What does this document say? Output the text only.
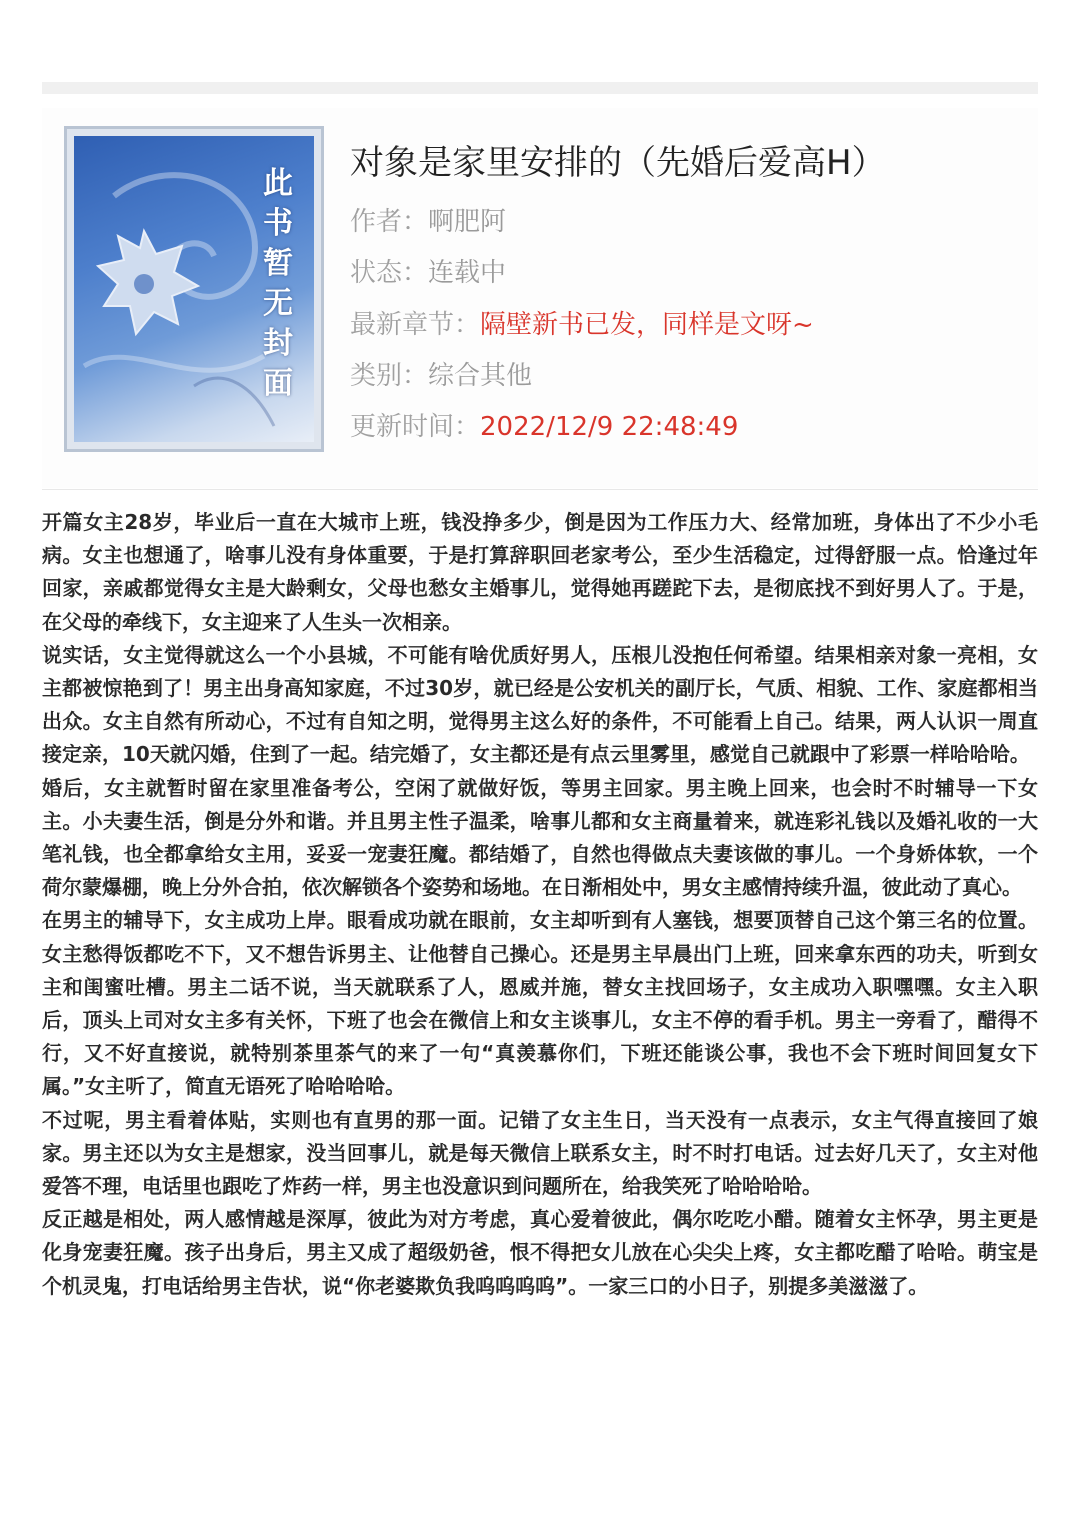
此书暂无封面
对象是家里安排的（先婚后爱高H）
作者：啊肥阿
状态：连载中
最新章节：隔壁新书已发，同样是文呀~
类别：综合其他
更新时间：2022/12/9 22:48:49

开篇女主28岁，毕业后一直在大城市上班，钱没挣多少，倒是因为工作压力大、经常加班，身体出了不少小毛病。女主也想通了，啥事儿没有身体重要，于是打算辞职回老家考公，至少生活稳定，过得舒服一点。恰逢过年回家，亲戚都觉得女主是大龄剩女，父母也愁女主婚事儿，觉得她再蹉跎下去，是彻底找不到好男人了。于是，在父母的牵线下，女主迎来了人生头一次相亲。

说实话，女主觉得就这么一个小县城，不可能有啥优质好男人，压根儿没抱任何希望。结果相亲对象一亮相，女主都被惊艳到了！男主出身高知家庭，不过30岁，就已经是公安机关的副厅长，气质、相貌、工作、家庭都相当出众。女主自然有所动心，不过有自知之明，觉得男主这么好的条件，不可能看上自己。结果，两人认识一周直接定亲，10天就闪婚，住到了一起。结完婚了，女主都还是有点云里雾里，感觉自己就跟中了彩票一样哈哈哈。

婚后，女主就暂时留在家里准备考公，空闲了就做好饭，等男主回家。男主晚上回来，也会时不时辅导一下女主。小夫妻生活，倒是分外和谐。并且男主性子温柔，啥事儿都和女主商量着来，就连彩礼钱以及婚礼收的一大笔礼钱，也全都拿给女主用，妥妥一宠妻狂魔。都结婚了，自然也得做点夫妻该做的事儿。一个身娇体软，一个荷尔蒙爆棚，晚上分外合拍，依次解锁各个姿势和场地。在日渐相处中，男女主感情持续升温，彼此动了真心。

在男主的辅导下，女主成功上岸。眼看成功就在眼前，女主却听到有人塞钱，想要顶替自己这个第三名的位置。女主愁得饭都吃不下，又不想告诉男主、让他替自己操心。还是男主早晨出门上班，回来拿东西的功夫，听到女主和闺蜜吐槽。男主二话不说，当天就联系了人，恩威并施，替女主找回场子，女主成功入职嘿嘿。女主入职后，顶头上司对女主多有关怀，下班了也会在微信上和女主谈事儿，女主不停的看手机。男主一旁看了，醋得不行，又不好直接说，就特别茶里茶气的来了一句“真羡慕你们，下班还能谈公事，我也不会下班时间回复女下属。”女主听了，简直无语死了哈哈哈哈。

不过呢，男主看着体贴，实则也有直男的那一面。记错了女主生日，当天没有一点表示，女主气得直接回了娘家。男主还以为女主是想家，没当回事儿，就是每天微信上联系女主，时不时打电话。过去好几天了，女主对他爱答不理，电话里也跟吃了炸药一样，男主也没意识到问题所在，给我笑死了哈哈哈哈。

反正越是相处，两人感情越是深厚，彼此为对方考虑，真心爱着彼此，偶尔吃吃小醋。随着女主怀孕，男主更是化身宠妻狂魔。孩子出身后，男主又成了超级奶爸，恨不得把女儿放在心尖尖上疼，女主都吃醋了哈哈。萌宝是个机灵鬼，打电话给男主告状，说“你老婆欺负我呜呜呜呜”。一家三口的小日子，别提多美滋滋了。
